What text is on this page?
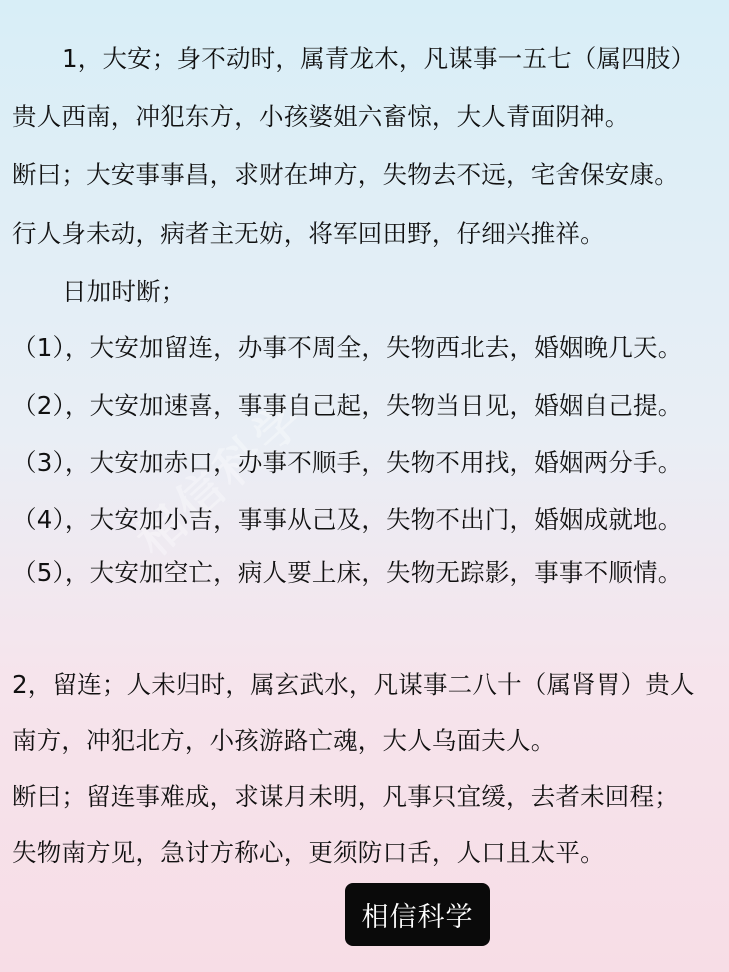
相信科学
1，大安；身不动时，属青龙木，凡谋事一五七（属四肢）
贵人西南，冲犯东方，小孩婆姐六畜惊，大人青面阴神。
断曰；大安事事昌，求财在坤方，失物去不远，宅舍保安康。
行人身未动，病者主无妨，将军回田野，仔细兴推祥。
日加时断；
（1），大安加留连，办事不周全，失物西北去，婚姻晚几天。
（2），大安加速喜，事事自己起，失物当日见，婚姻自己提。
（3），大安加赤口，办事不顺手，失物不用找，婚姻两分手。
（4），大安加小吉，事事从己及，失物不出门，婚姻成就地。
（5），大安加空亡，病人要上床，失物无踪影，事事不顺情。
2，留连；人未归时，属玄武水，凡谋事二八十（属肾胃）贵人
南方，冲犯北方，小孩游路亡魂，大人乌面夫人。
断曰；留连事难成，求谋月未明，凡事只宜缓，去者未回程；
失物南方见，急讨方称心，更须防口舌，人口且太平。
相信科学
